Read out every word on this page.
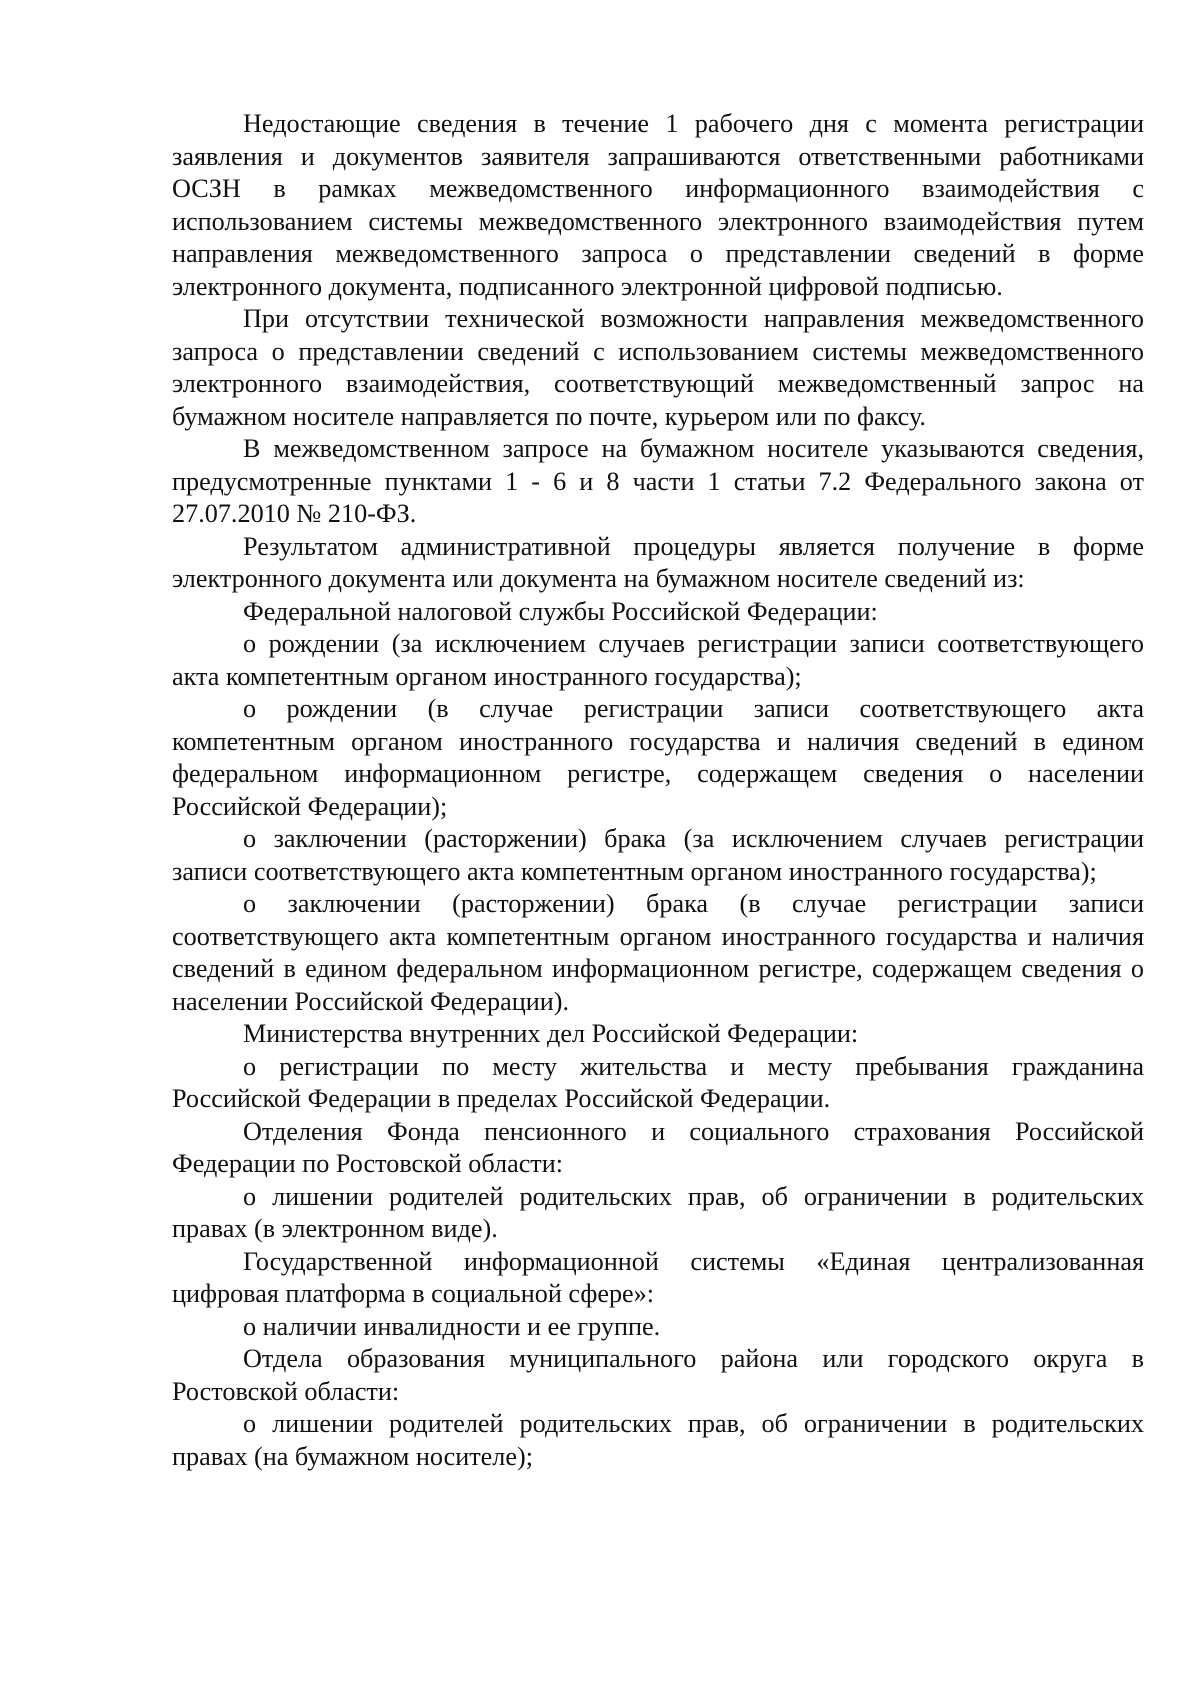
Недостающие сведения в течение 1 рабочего дня с момента регистрации заявления и документов заявителя запрашиваются ответственными работниками ОСЗН в рамках межведомственного информационного взаимодействия с использованием системы межведомственного электронного взаимодействия путем направления межведомственного запроса о представлении сведений в форме электронного документа, подписанного электронной цифровой подписью.

При отсутствии технической возможности направления межведомственного запроса о представлении сведений с использованием системы межведомственного электронного взаимодействия, соответствующий межведомственный запрос на бумажном носителе направляется по почте, курьером или по факсу.

В межведомственном запросе на бумажном носителе указываются сведения, предусмотренные пунктами 1 - 6 и 8 части 1 статьи 7.2 Федерального закона от 27.07.2010 № 210-ФЗ.

Результатом административной процедуры является получение в форме электронного документа или документа на бумажном носителе сведений из:

Федеральной налоговой службы Российской Федерации:

о рождении (за исключением случаев регистрации записи соответствующего акта компетентным органом иностранного государства);

о рождении (в случае регистрации записи соответствующего акта компетентным органом иностранного государства и наличия сведений в едином федеральном информационном регистре, содержащем сведения о населении Российской Федерации);

о заключении (расторжении) брака (за исключением случаев регистрации записи соответствующего акта компетентным органом иностранного государства);

о заключении (расторжении) брака (в случае регистрации записи соответствующего акта компетентным органом иностранного государства и наличия сведений в едином федеральном информационном регистре, содержащем сведения о населении Российской Федерации).

Министерства внутренних дел Российской Федерации:

о регистрации по месту жительства и месту пребывания гражданина Российской Федерации в пределах Российской Федерации.

Отделения Фонда пенсионного и социального страхования Российской Федерации по Ростовской области:

о лишении родителей родительских прав, об ограничении в родительских правах (в электронном виде).

Государственной информационной системы «Единая централизованная цифровая платформа в социальной сфере»:

о наличии инвалидности и ее группе.

Отдела образования муниципального района или городского округа в Ростовской области:

о лишении родителей родительских прав, об ограничении в родительских правах (на бумажном носителе);
